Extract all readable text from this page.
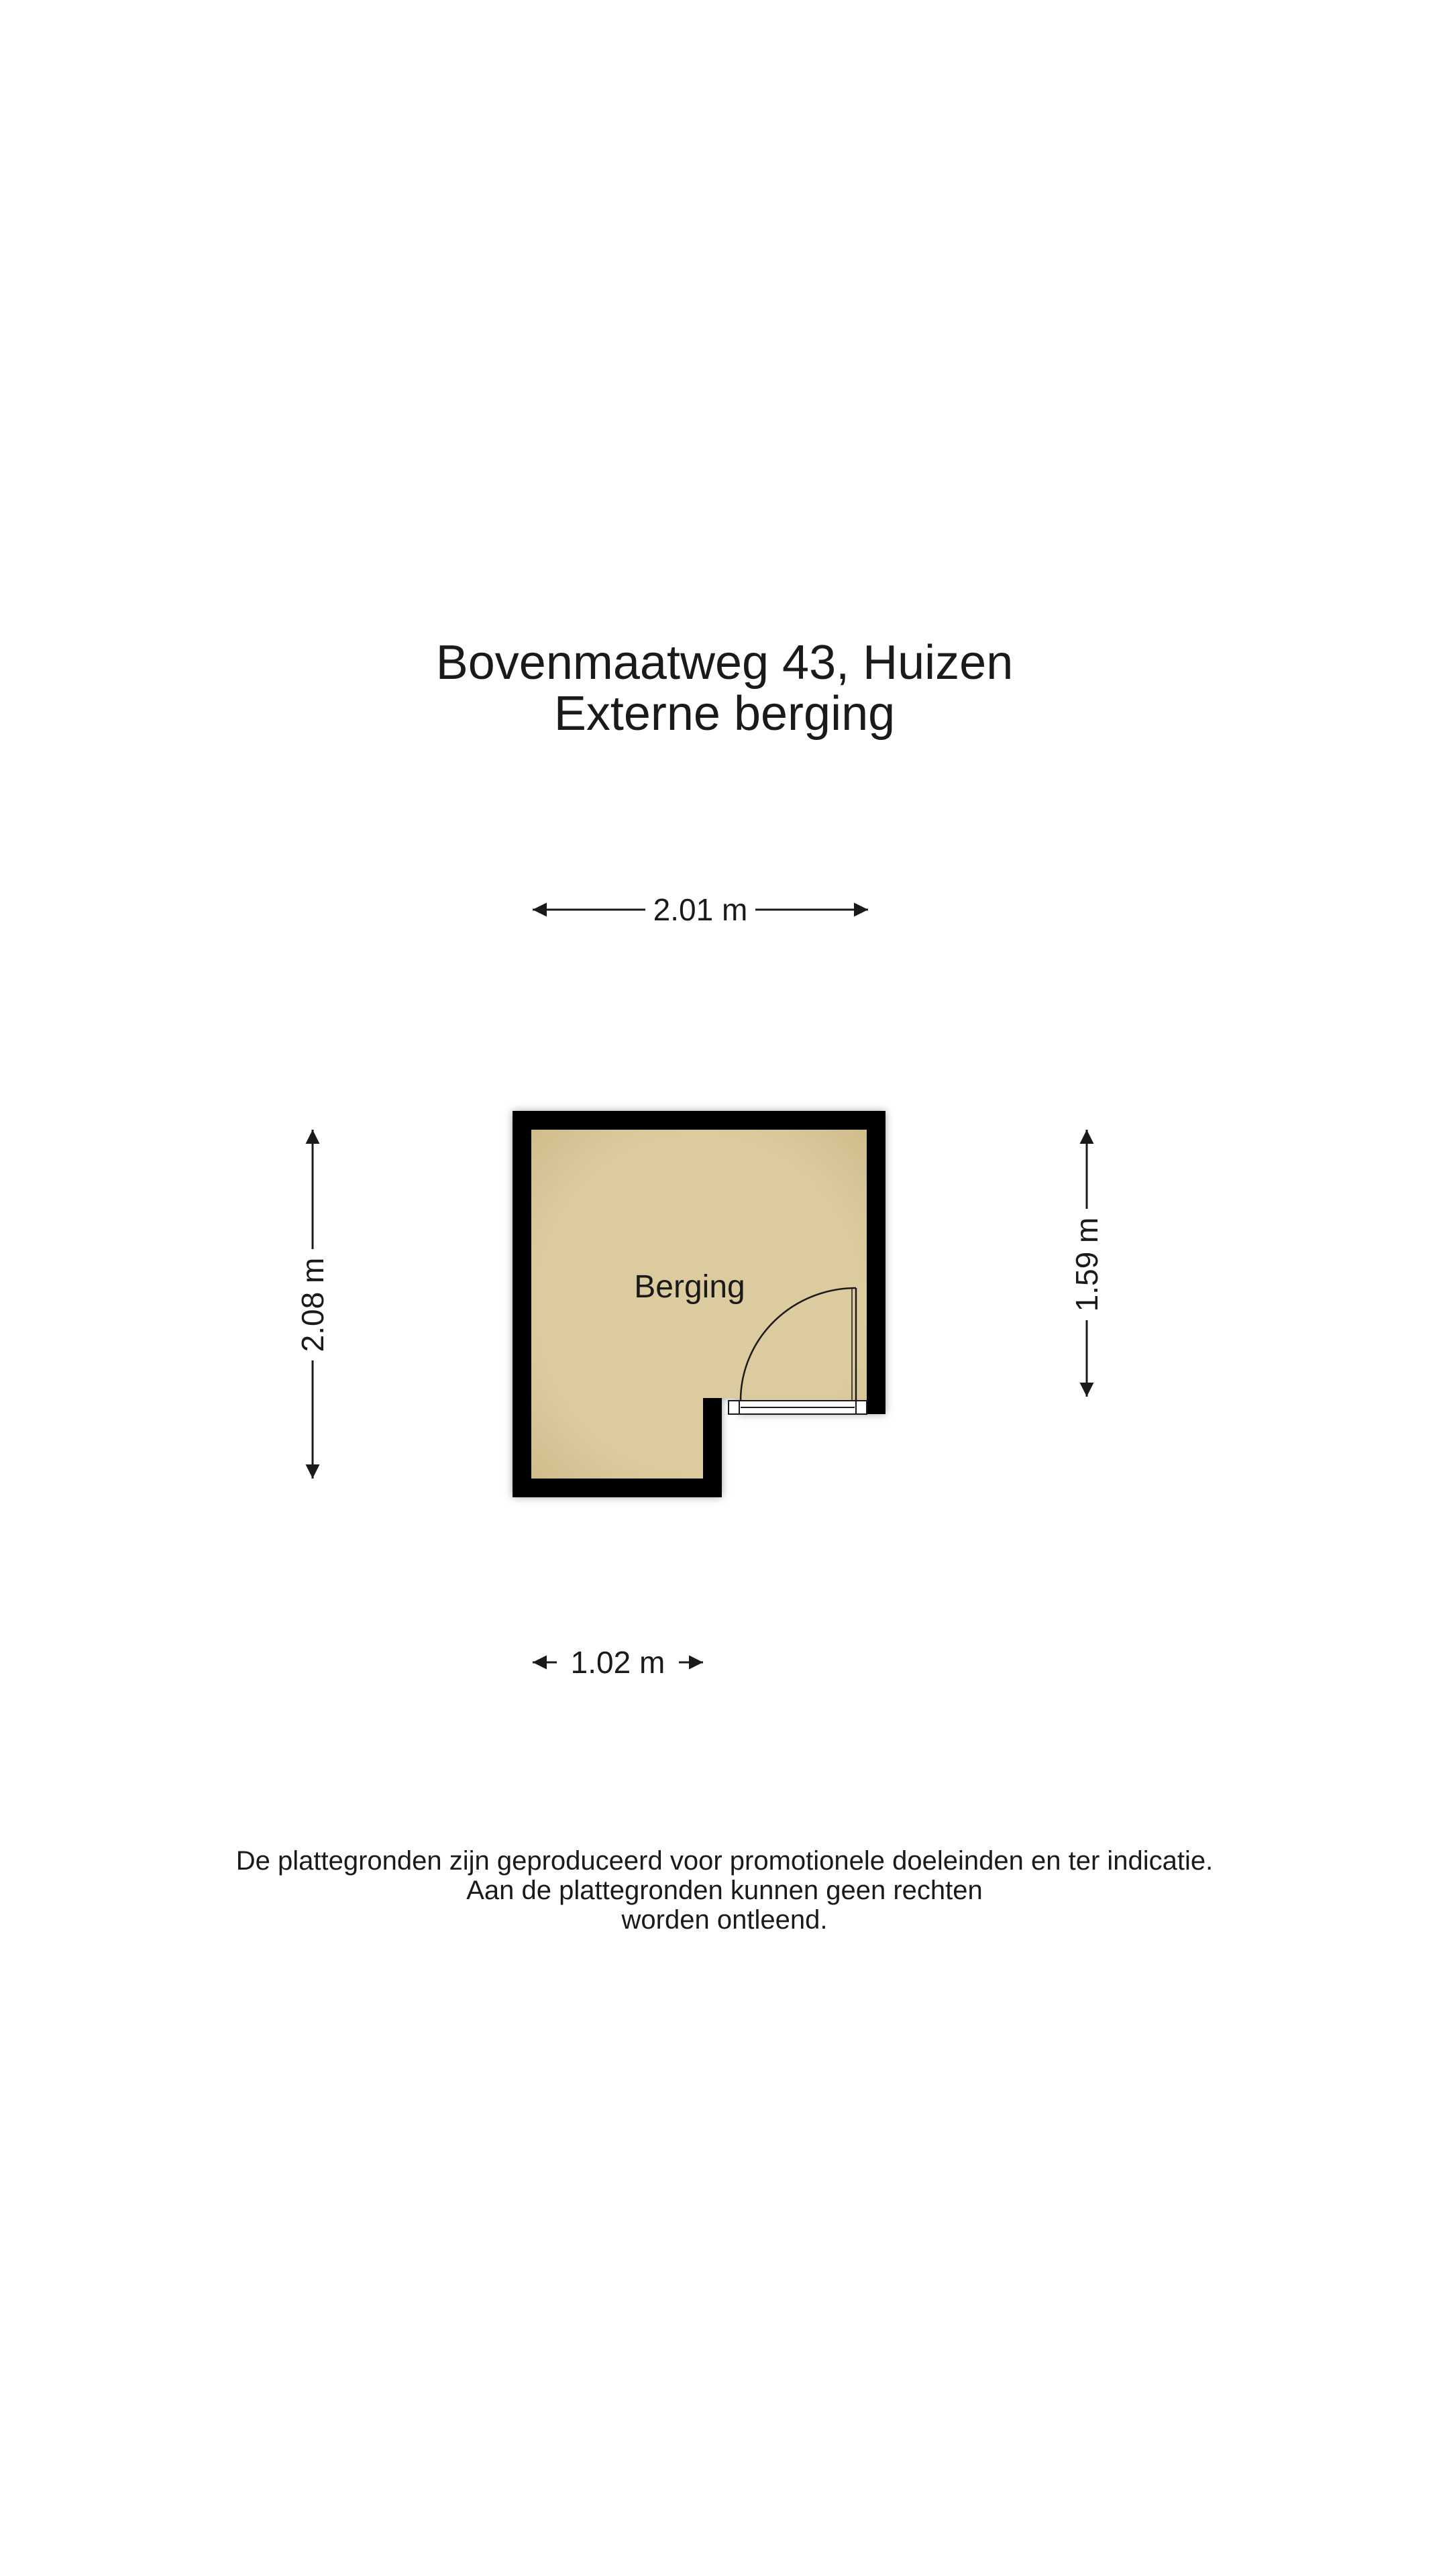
Bovenmaatweg 43, Huizen
Externe berging
Berging
2.01 m
2.08 m	1.59 m
1.02 m
De plattegronden zijn geproduceerd voor promotionele doeleinden en ter indicatie.
Aan de plattegronden kunnen geen rechten
worden ontleend.
